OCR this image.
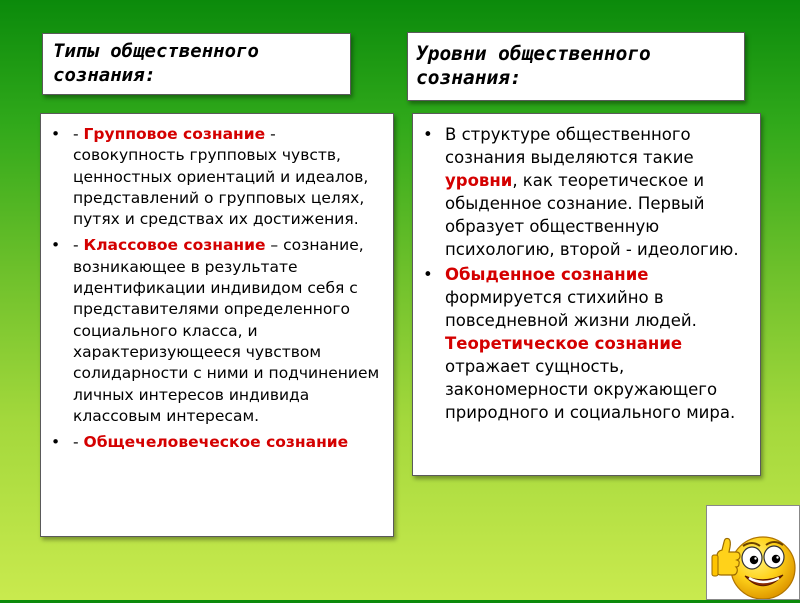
Типы общественного сознания:
Уровни общественного сознания:
• - Групповое сознание - совокупность групповых чувств, ценностных ориентаций и идеалов, представлений о групповых целях, путях и средствах их достижения.
• - Классовое сознание – сознание, возникающее в результате идентификации индивидом себя с представителями определенного социального класса, и характеризующееся чувством солидарности с ними и подчинением личных интересов индивида классовым интересам.
• - Общечеловеческое сознание
• В структуре общественного сознания выделяются такие уровни, как теоретическое и обыденное сознание. Первый образует общественную психологию, второй - идеологию.
• Обыденное сознание формируется стихийно в повседневной жизни людей. Теоретическое сознание отражает сущность, закономерности окружающего природного и социального мира.
